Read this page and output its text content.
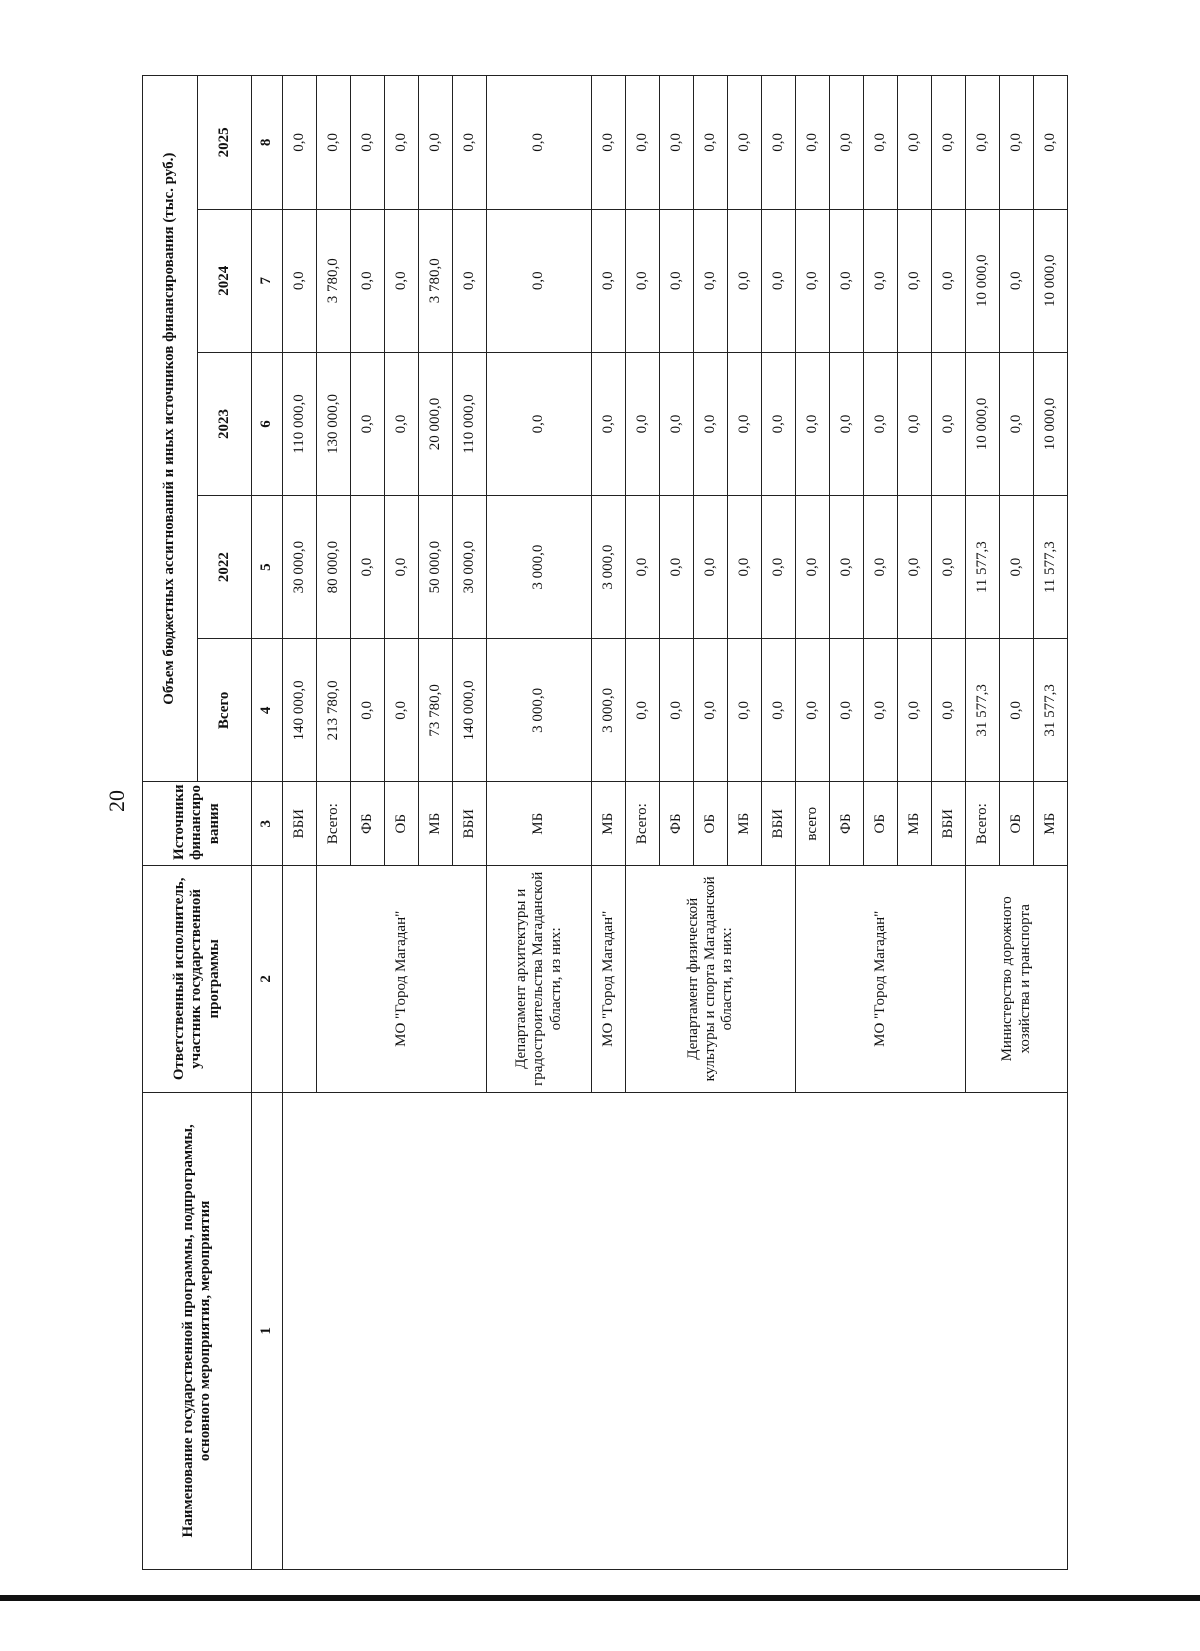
20
Наименование государственной программы, подпрограммы, основного мероприятия, мероприятия	Ответственный исполнитель, участник государственной программы	Источники финансиро вания	Объем бюджетных ассигнований и иных источников финансирования (тыс. руб.)				
			Всего	2022	2023	2024	2025
1	2	3	4	5	6	7	8
		ВБИ	140 000,0	30 000,0	110 000,0	0,0	0,0
	МО "Город Магадан"	Всего:	213 780,0	80 000,0	130 000,0	3 780,0	0,0
		ФБ	0,0	0,0	0,0	0,0	0,0
		ОБ	0,0	0,0	0,0	0,0	0,0
		МБ	73 780,0	50 000,0	20 000,0	3 780,0	0,0
		ВБИ	140 000,0	30 000,0	110 000,0	0,0	0,0
	Департамент архитектуры и градостроительства Магаданской области, из них:	МБ	3 000,0	3 000,0	0,0	0,0	0,0
	МО "Город Магадан"	МБ	3 000,0	3 000,0	0,0	0,0	0,0
	Департамент физической культуры и спорта Магаданской области, из них:	Всего:	0,0	0,0	0,0	0,0	0,0
		ФБ	0,0	0,0	0,0	0,0	0,0
		ОБ	0,0	0,0	0,0	0,0	0,0
		МБ	0,0	0,0	0,0	0,0	0,0
		ВБИ	0,0	0,0	0,0	0,0	0,0
	МО "Город Магадан"	всего	0,0	0,0	0,0	0,0	0,0
		ФБ	0,0	0,0	0,0	0,0	0,0
		ОБ	0,0	0,0	0,0	0,0	0,0
		МБ	0,0	0,0	0,0	0,0	0,0
		ВБИ	0,0	0,0	0,0	0,0	0,0
	Министерство дорожного хозяйства и транспорта	Всего:	31 577,3	11 577,3	10 000,0	10 000,0	0,0
		ОБ	0,0	0,0	0,0	0,0	0,0
		МБ	31 577,3	11 577,3	10 000,0	10 000,0	0,0
